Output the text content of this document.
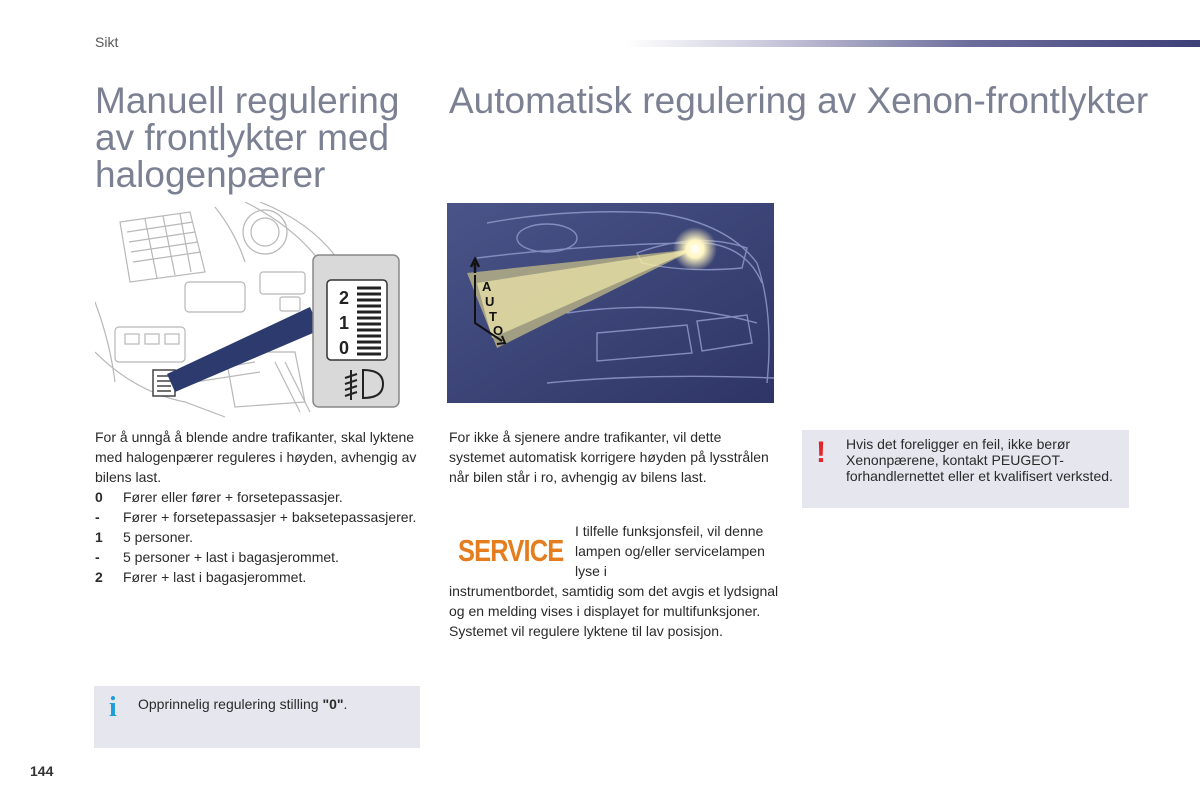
Sikt
Manuell regulering av frontlykter med halogenpærer
Automatisk regulering av Xenon-frontlykter
2
1
0
A
U
T
O

For å unngå å blende andre trafikanter, skal lyktene med halogenpærer reguleres i høyden, avhengig av bilens last.

0	Fører eller fører + forsetepassasjer.
-	Fører + forsetepassasjer + baksetepassasjerer.
1	5 personer.
-	5 personer + last i bagasjerommet.
2	Fører + last i bagasjerommet.

For ikke å sjenere andre trafikanter, vil dette systemet automatisk korrigere høyden på lysstrålen når bilen står i ro, avhengig av bilens last.

SERVICE
I tilfelle funksjonsfeil, vil denne lampen og/eller servicelampen lyse i

instrumentbordet, samtidig som det avgis et lydsignal og en melding vises i displayet for multifunksjoner.

Systemet vil regulere lyktene til lav posisjon.

! Hvis det foreligger en feil, ikke berør Xenonpærene, kontakt PEUGEOT-forhandlernettet eller et kvalifisert verksted.
i Opprinnelig regulering stilling "0".
144
